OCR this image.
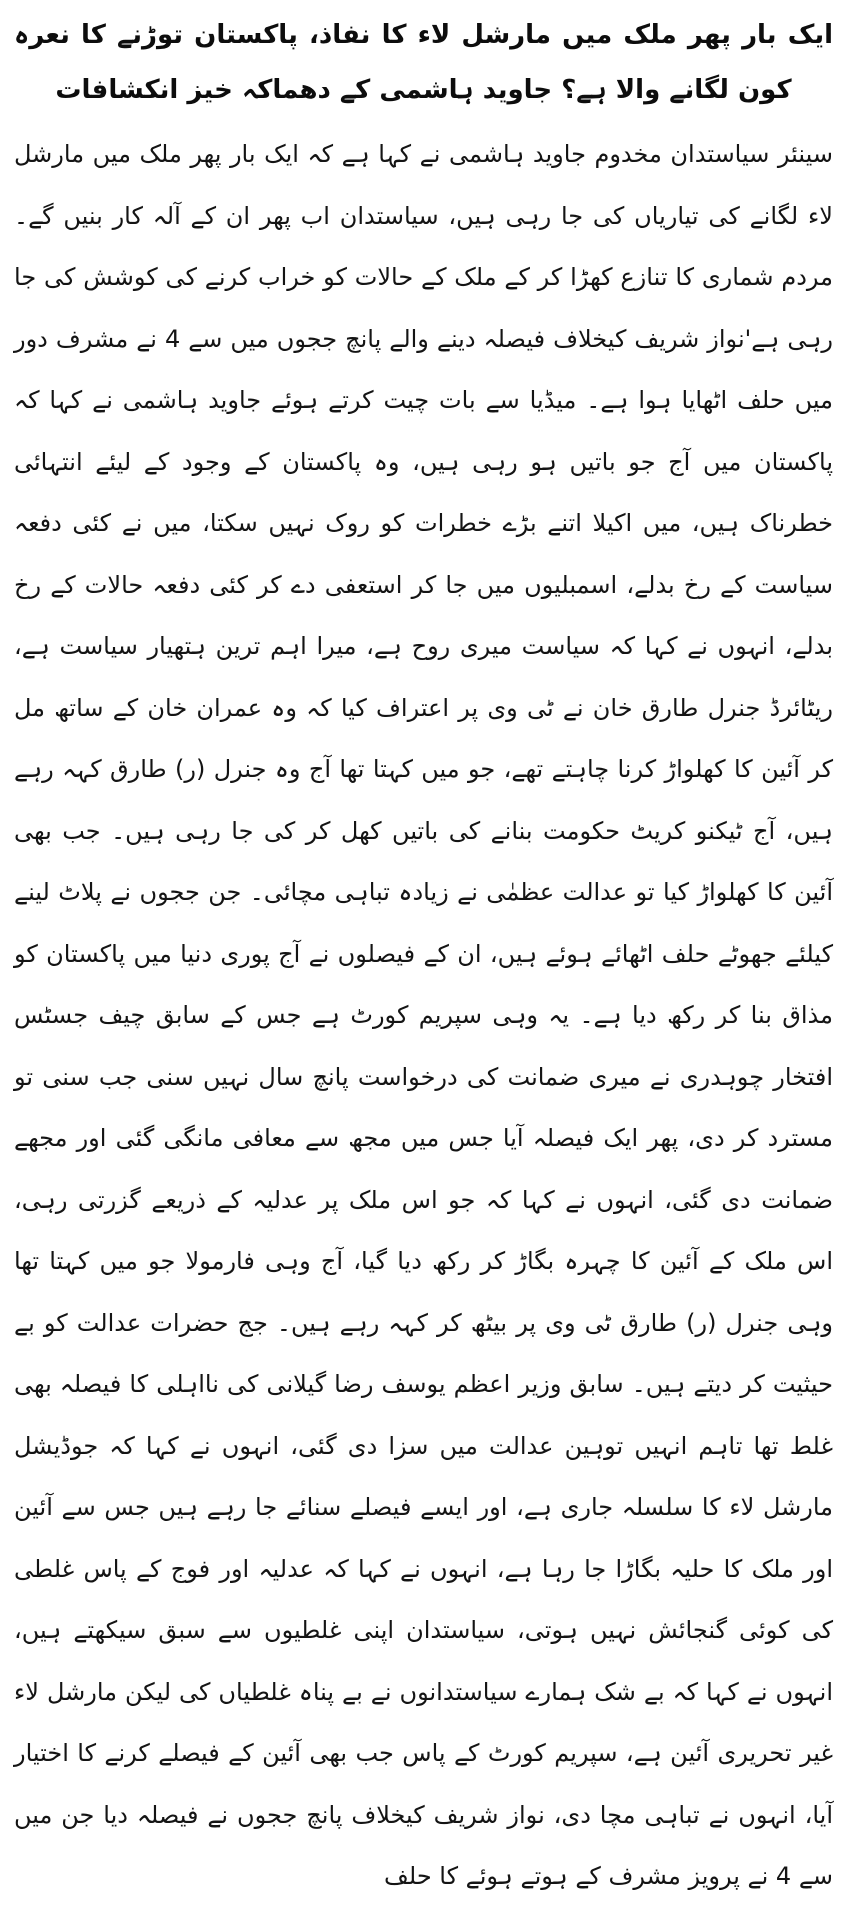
ایک بار پھر ملک میں مارشل لاء کا نفاذ، پاکستان توڑنے کا نعرہ کون لگانے والا ہے؟ جاوید ہاشمی کے دھماکہ خیز انکشافات

سینئر سیاستدان مخدوم جاوید ہاشمی نے کہا ہے کہ ایک بار پھر ملک میں مارشل لاء لگانے کی تیاریاں کی جا رہی ہیں، سیاستدان اب پھر ان کے آلہ کار بنیں گے۔ مردم شماری کا تنازع کھڑا کر کے ملک کے حالات کو خراب کرنے کی کوشش کی جا رہی ہے'نواز شریف کیخلاف فیصلہ دینے والے پانچ ججوں میں سے 4 نے مشرف دور میں حلف اٹھایا ہوا ہے۔ میڈیا سے بات چیت کرتے ہوئے جاوید ہاشمی نے کہا کہ پاکستان میں آج جو باتیں ہو رہی ہیں، وہ پاکستان کے وجود کے لیئے انتہائی خطرناک ہیں، میں اکیلا اتنے بڑے خطرات کو روک نہیں سکتا، میں نے کئی دفعہ سیاست کے رخ بدلے، اسمبلیوں میں جا کر استعفی دے کر کئی دفعہ حالات کے رخ بدلے، انہوں نے کہا کہ سیاست میری روح ہے، میرا اہم ترین ہتھیار سیاست ہے، ریٹائرڈ جنرل طارق خان نے ٹی وی پر اعتراف کیا کہ وہ عمران خان کے ساتھ مل کر آئین کا کھلواڑ کرنا چاہتے تھے، جو میں کہتا تھا آج وہ جنرل (ر) طارق کہہ رہے ہیں، آج ٹیکنو کریٹ حکومت بنانے کی باتیں کھل کر کی جا رہی ہیں۔ جب بھی آئین کا کھلواڑ کیا تو عدالت عظمٰی نے زیادہ تباہی مچائی۔ جن ججوں نے پلاٹ لینے کیلئے جھوٹے حلف اٹھائے ہوئے ہیں، ان کے فیصلوں نے آج پوری دنیا میں پاکستان کو مذاق بنا کر رکھ دیا ہے۔ یہ وہی سپریم کورٹ ہے جس کے سابق چیف جسٹس افتخار چوہدری نے میری ضمانت کی درخواست پانچ سال نہیں سنی جب سنی تو مسترد کر دی، پھر ایک فیصلہ آیا جس میں مجھ سے معافی مانگی گئی اور مجھے ضمانت دی گئی، انہوں نے کہا کہ جو اس ملک پر عدلیہ کے ذریعے گزرتی رہی، اس ملک کے آئین کا چہرہ بگاڑ کر رکھ دیا گیا، آج وہی فارمولا جو میں کہتا تھا وہی جنرل (ر) طارق ٹی وی پر بیٹھ کر کہہ رہے ہیں۔ جج حضرات عدالت کو بے حیثیت کر دیتے ہیں۔ سابق وزیر اعظم یوسف رضا گیلانی کی نااہلی کا فیصلہ بھی غلط تھا تاہم انہیں توہین عدالت میں سزا دی گئی، انہوں نے کہا کہ جوڈیشل مارشل لاء کا سلسلہ جاری ہے، اور ایسے فیصلے سنائے جا رہے ہیں جس سے آئین اور ملک کا حلیہ بگاڑا جا رہا ہے، انہوں نے کہا کہ عدلیہ اور فوج کے پاس غلطی کی کوئی گنجائش نہیں ہوتی، سیاستدان اپنی غلطیوں سے سبق سیکھتے ہیں، انہوں نے کہا کہ بے شک ہمارے سیاستدانوں نے بے پناہ غلطیاں کی لیکن مارشل لاء غیر تحریری آئین ہے، سپریم کورٹ کے پاس جب بھی آئین کے فیصلے کرنے کا اختیار آیا، انہوں نے تباہی مچا دی، نواز شریف کیخلاف پانچ ججوں نے فیصلہ دیا جن میں سے 4 نے پرویز مشرف کے ہوتے ہوئے کا حلف
